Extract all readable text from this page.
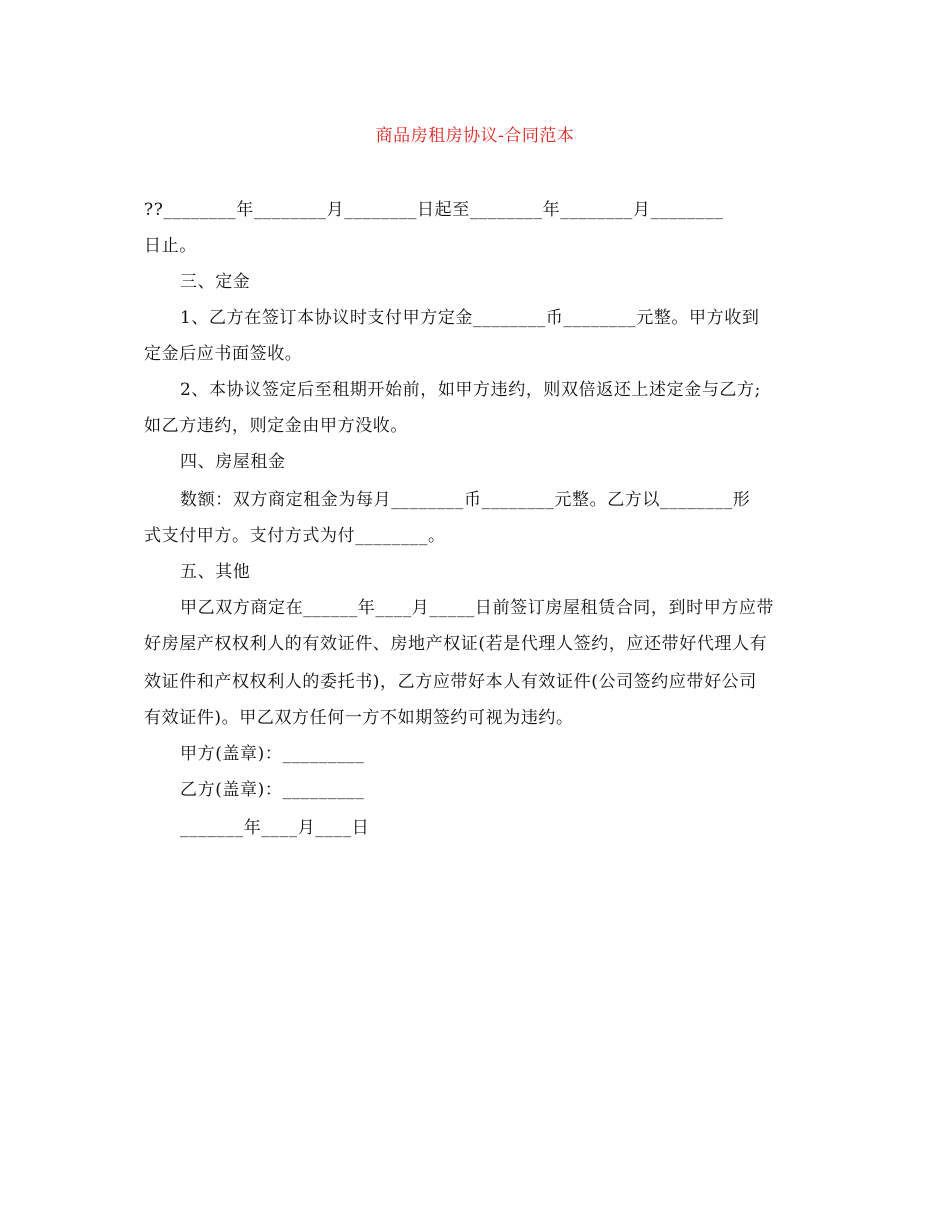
商品房租房协议-合同范本
??________年________月________日起至________年________月________
日止。
三、定金
1、乙方在签订本协议时支付甲方定金________币________元整。甲方收到
定金后应书面签收。
2、本协议签定后至租期开始前，如甲方违约，则双倍返还上述定金与乙方;
如乙方违约，则定金由甲方没收。
四、房屋租金
数额：双方商定租金为每月________币________元整。乙方以________形
式支付甲方。支付方式为付________。
五、其他
甲乙双方商定在______年____月_____日前签订房屋租赁合同，到时甲方应带
好房屋产权权利人的有效证件、房地产权证(若是代理人签约，应还带好代理人有
效证件和产权权利人的委托书)，乙方应带好本人有效证件(公司签约应带好公司
有效证件)。甲乙双方任何一方不如期签约可视为违约。
甲方(盖章)：_________
乙方(盖章)：_________
_______年____月____日
